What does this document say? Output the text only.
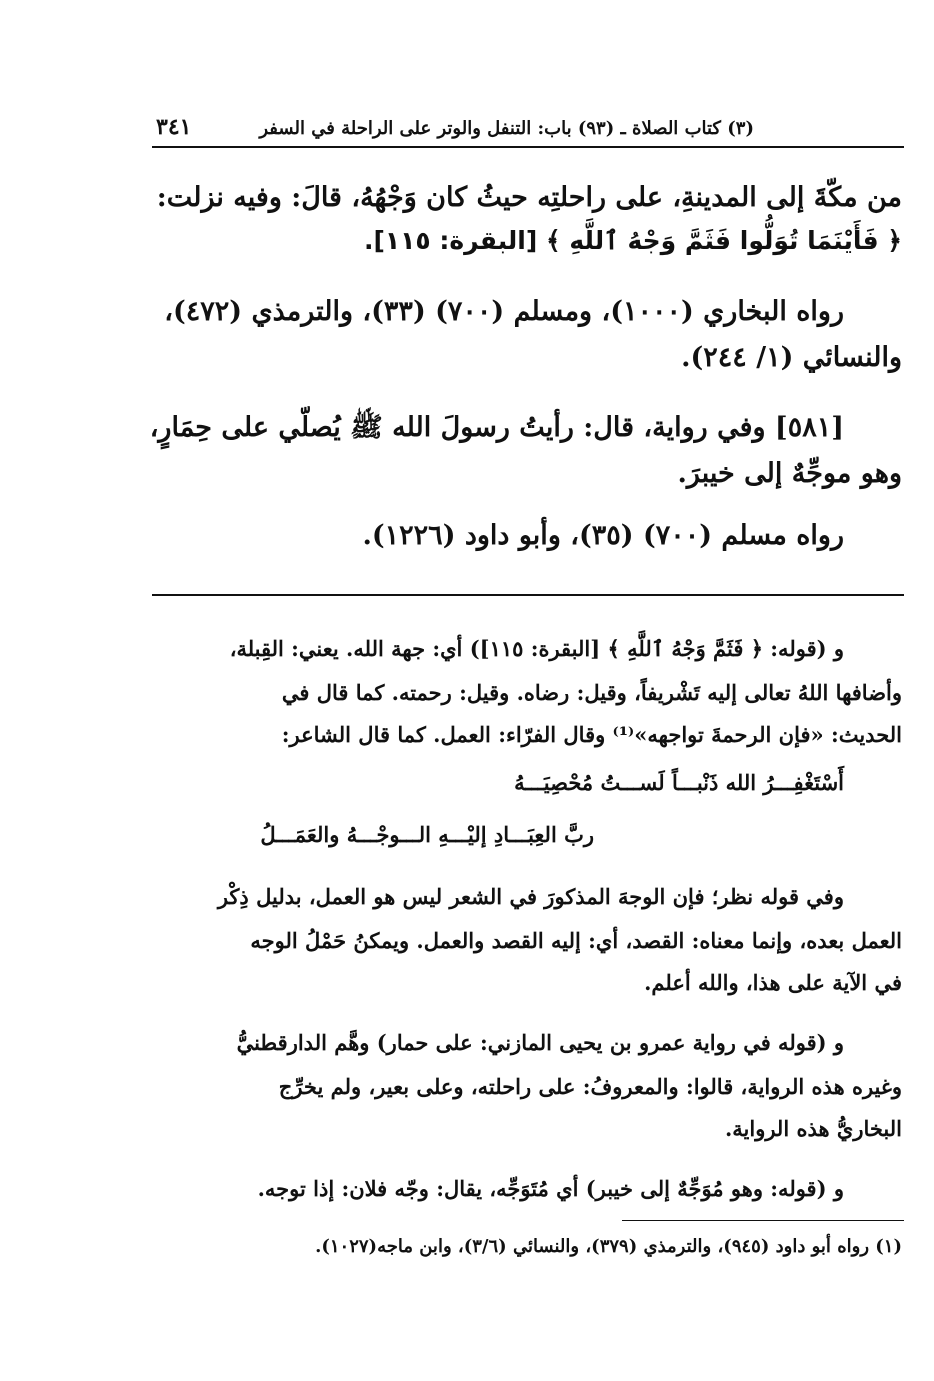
(٣) كتاب الصلاة ـ (٩٣) باب: التنفل والوتر على الراحلة في السفر
٣٤١
من مكّةَ إلى المدينةِ، على راحلتِه حيثُ كان وَجْهُهُ، قالَ: وفيه نزلت:
﴿ فَأَيْنَمَا تُوَلُّوا فَثَمَّ وَجْهُ ٱللَّهِ ﴾ [البقرة: ١١٥].
رواه البخاري (١٠٠٠)، ومسلم (٧٠٠) (٣٣)، والترمذي (٤٧٢)،
والنسائي (١/ ٢٤٤).
[٥٨١] وفي رواية، قال: رأيتُ رسولَ الله ﷺ يُصلّي على حِمَارٍ،
وهو موجِّهٌ إلى خيبرَ.
رواه مسلم (٧٠٠) (٣٥)، وأبو داود (١٢٢٦).
و (قوله: ﴿ فَثَمَّ وَجْهُ ٱللَّهِ ﴾ [البقرة: ١١٥]) أي: جهة الله. يعني: القِبلة،
وأضافها اللهُ تعالى إليه تَشْريفاً، وقيل: رضاه. وقيل: رحمته. كما قال في
الحديث: «فإن الرحمةَ تواجهه»⁽¹⁾ وقال الفرّاء: العمل. كما قال الشاعر:
أَسْتَغْفِـــرُ الله ذَنْبـــاً لَســـتُ مُحْصِيَـــهُ
ربَّ العِبَـــادِ إليْـــهِ الـــوجْـــهُ والعَمَـــلُ
وفي قوله نظر؛ فإن الوجهَ المذكورَ في الشعر ليس هو العمل، بدليل ذِكْر
العمل بعده، وإنما معناه: القصد، أي: إليه القصد والعمل. ويمكنُ حَمْلُ الوجه
في الآية على هذا، والله أعلم.
و (قوله في رواية عمرو بن يحيى المازني: على حمار) وهَّم الدارقطنيُّ
وغيره هذه الرواية، قالوا: والمعروفُ: على راحلته، وعلى بعير، ولم يخرِّج
البخاريُّ هذه الرواية.
و (قوله: وهو مُوَجِّهٌ إلى خيبر) أي مُتَوَجِّه، يقال: وجّه فلان: إذا توجه.
(١) رواه أبو داود (٩٤٥)، والترمذي (٣٧٩)، والنسائي (٣/٦)، وابن ماجه(١٠٢٧).
